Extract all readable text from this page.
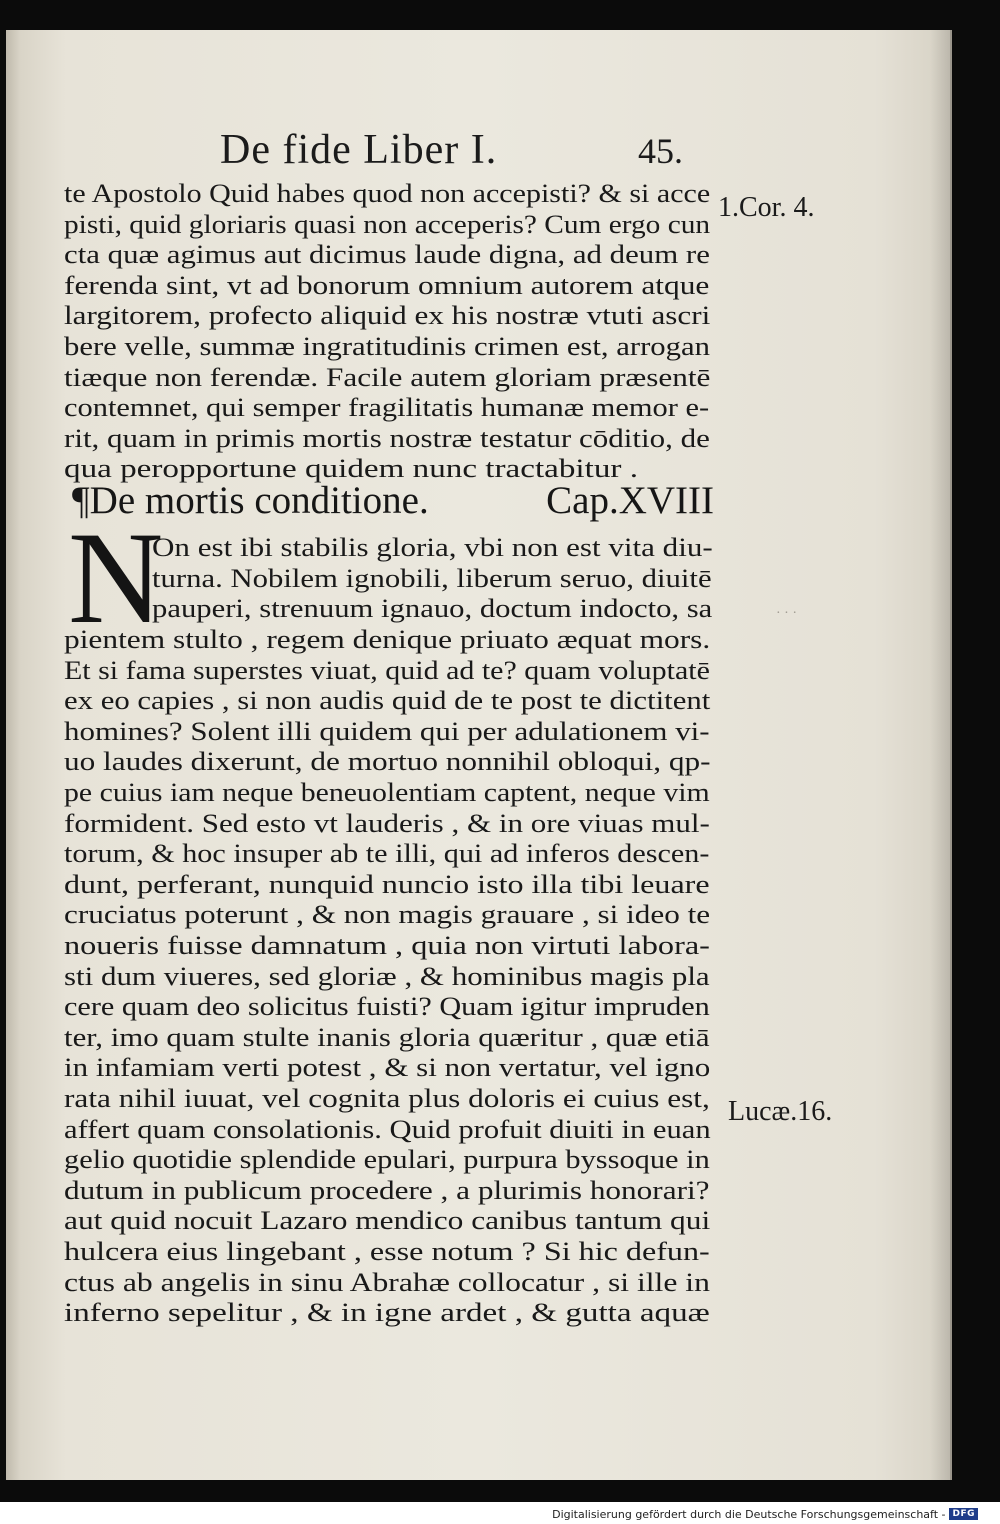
De fide Liber I.	45.
te Apostolo Quid habes quod non accepisti? & si acce
pisti, quid gloriaris quasi non acceperis? Cum ergo cun
cta quæ agimus aut dicimus laude digna, ad deum re
ferenda sint, vt ad bonorum omnium autorem atque
largitorem, profecto aliquid ex his nostræ vtuti ascri
bere velle, summæ ingratitudinis crimen est, arrogan
tiæque non ferendæ. Facile autem gloriam præsentē
contemnet, qui semper fragilitatis humanæ memor e-
rit, quam in primis mortis nostræ testatur cōditio, de
qua peropportune quidem nunc tractabitur .
¶De mortis conditione.	Cap.XVIII
N
On est ibi stabilis gloria, vbi non est vita diu-
turna. Nobilem ignobili, liberum seruo, diuitē
pauperi, strenuum ignauo, doctum indocto, sa
pientem stulto , regem denique priuato æquat mors.
Et si fama superstes viuat, quid ad te? quam voluptatē
ex eo capies , si non audis quid de te post te dictitent
homines? Solent illi quidem qui per adulationem vi-
uo laudes dixerunt, de mortuo nonnihil obloqui, qp-
pe cuius iam neque beneuolentiam captent, neque vim
formident. Sed esto vt lauderis , & in ore viuas mul-
torum, & hoc insuper ab te illi, qui ad inferos descen-
dunt, perferant, nunquid nuncio isto illa tibi leuare
cruciatus poterunt , & non magis grauare , si ideo te
noueris fuisse damnatum , quia non virtuti labora-
sti dum viueres, sed gloriæ , & hominibus magis pla
cere quam deo solicitus fuisti? Quam igitur impruden
ter, imo quam stulte inanis gloria quæritur , quæ etiā
in infamiam verti potest , & si non vertatur, vel igno
rata nihil iuuat, vel cognita plus doloris ei cuius est,
affert quam consolationis. Quid profuit diuiti in euan
gelio quotidie splendide epulari, purpura byssoque in
dutum in publicum procedere , a plurimis honorari?
aut quid nocuit Lazaro mendico canibus tantum qui
hulcera eius lingebant , esse notum ? Si hic defun-
ctus ab angelis in sinu Abrahæ collocatur , si ille in
inferno sepelitur , & in igne ardet , & gutta aquæ
1.Cor. 4.
Lucæ.16.
· · ·
Digitalisierung gefördert durch die Deutsche Forschungsgemeinschaft - DFG
